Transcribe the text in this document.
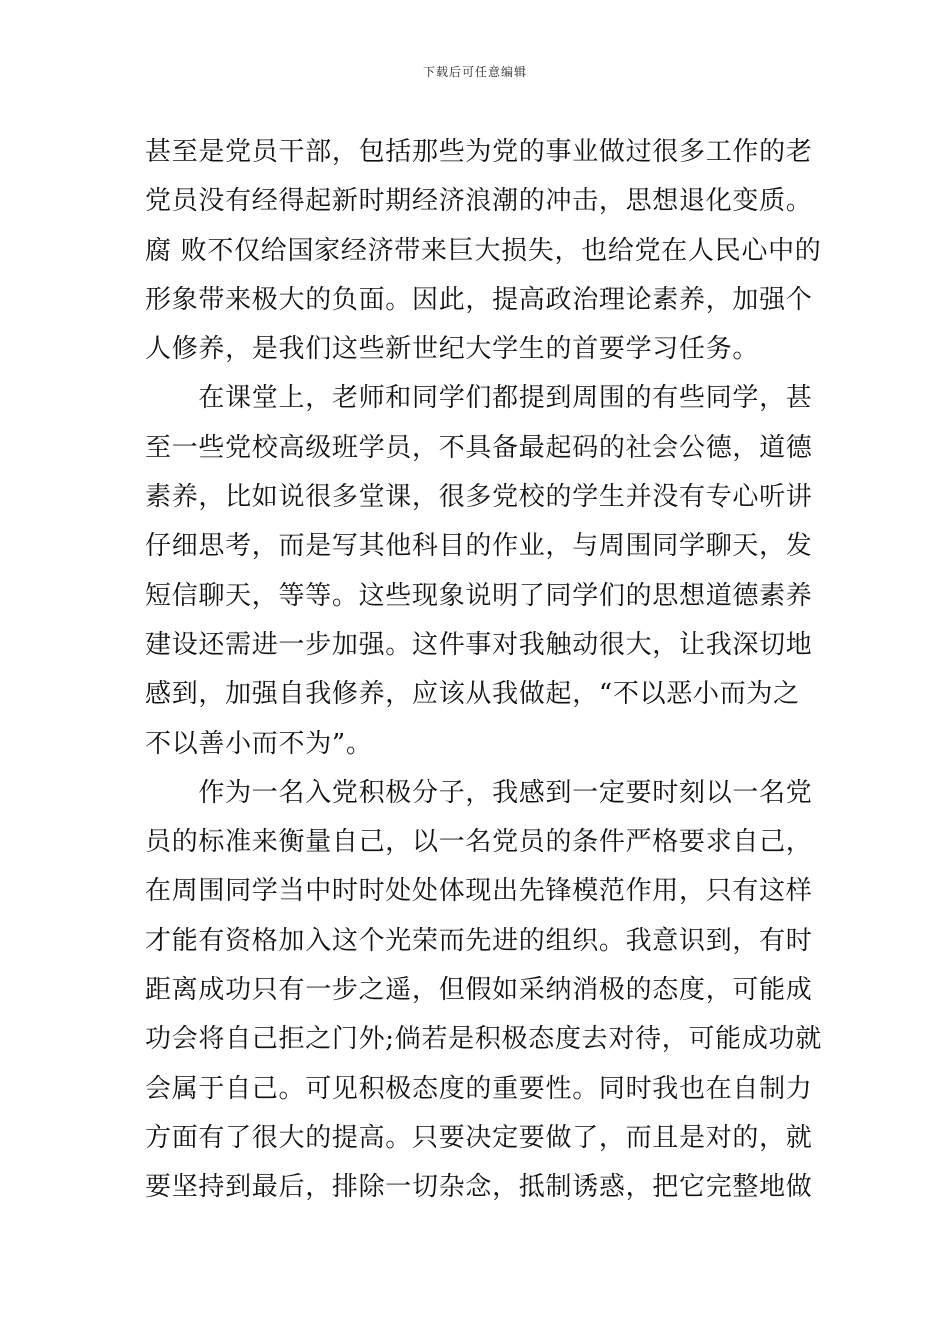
下载后可任意编辑
甚至是党员干部，包括那些为党的事业做过很多工作的老
党员没有经得起新时期经济浪潮的冲击，思想退化变质。
腐 败不仅给国家经济带来巨大损失，也给党在人民心中的
形象带来极大的负面。因此，提高政治理论素养，加强个
人修养，是我们这些新世纪大学生的首要学习任务。
　　在课堂上，老师和同学们都提到周围的有些同学，甚
至一些党校高级班学员，不具备最起码的社会公德，道德
素养，比如说很多堂课，很多党校的学生并没有专心听讲
仔细思考，而是写其他科目的作业，与周围同学聊天，发
短信聊天，等等。这些现象说明了同学们的思想道德素养
建设还需进一步加强。这件事对我触动很大，让我深切地
感到，加强自我修养，应该从我做起，“不以恶小而为之
不以善小而不为”。
　　作为一名入党积极分子，我感到一定要时刻以一名党
员的标准来衡量自己，以一名党员的条件严格要求自己，
在周围同学当中时时处处体现出先锋模范作用，只有这样
才能有资格加入这个光荣而先进的组织。我意识到，有时
距离成功只有一步之遥，但假如采纳消极的态度，可能成
功会将自己拒之门外;倘若是积极态度去对待，可能成功就
会属于自己。可见积极态度的重要性。同时我也在自制力
方面有了很大的提高。只要决定要做了，而且是对的，就
要坚持到最后，排除一切杂念，抵制诱惑，把它完整地做
